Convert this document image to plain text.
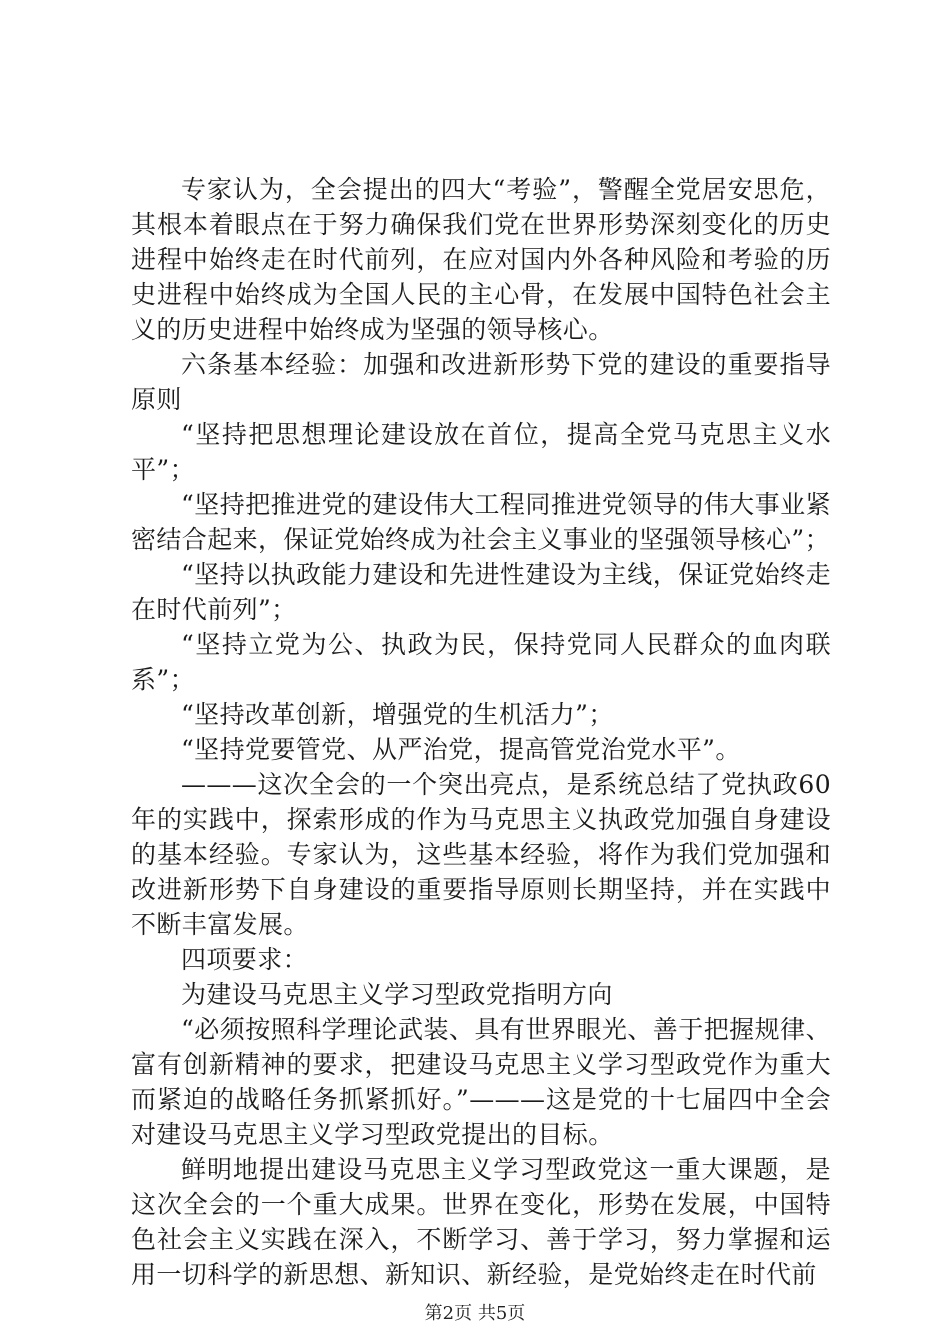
专家认为，全会提出的四大“考验”，警醒全党居安思危，其根本着眼点在于努力确保我们党在世界形势深刻变化的历史进程中始终走在时代前列，在应对国内外各种风险和考验的历史进程中始终成为全国人民的主心骨，在发展中国特色社会主义的历史进程中始终成为坚强的领导核心。

六条基本经验：加强和改进新形势下党的建设的重要指导原则

“坚持把思想理论建设放在首位，提高全党马克思主义水平”；

“坚持把推进党的建设伟大工程同推进党领导的伟大事业紧密结合起来，保证党始终成为社会主义事业的坚强领导核心”；

“坚持以执政能力建设和先进性建设为主线，保证党始终走在时代前列”；

“坚持立党为公、执政为民，保持党同人民群众的血肉联系”；

“坚持改革创新，增强党的生机活力”；

“坚持党要管党、从严治党，提高管党治党水平”。

———这次全会的一个突出亮点，是系统总结了党执政60年的实践中，探索形成的作为马克思主义执政党加强自身建设的基本经验。专家认为，这些基本经验，将作为我们党加强和改进新形势下自身建设的重要指导原则长期坚持，并在实践中不断丰富发展。

四项要求：

为建设马克思主义学习型政党指明方向

“必须按照科学理论武装、具有世界眼光、善于把握规律、富有创新精神的要求，把建设马克思主义学习型政党作为重大而紧迫的战略任务抓紧抓好。”———这是党的十七届四中全会对建设马克思主义学习型政党提出的目标。

鲜明地提出建设马克思主义学习型政党这一重大课题，是这次全会的一个重大成果。世界在变化，形势在发展，中国特色社会主义实践在深入，不断学习、善于学习，努力掌握和运用一切科学的新思想、新知识、新经验，是党始终走在时代前

第2页 共5页
